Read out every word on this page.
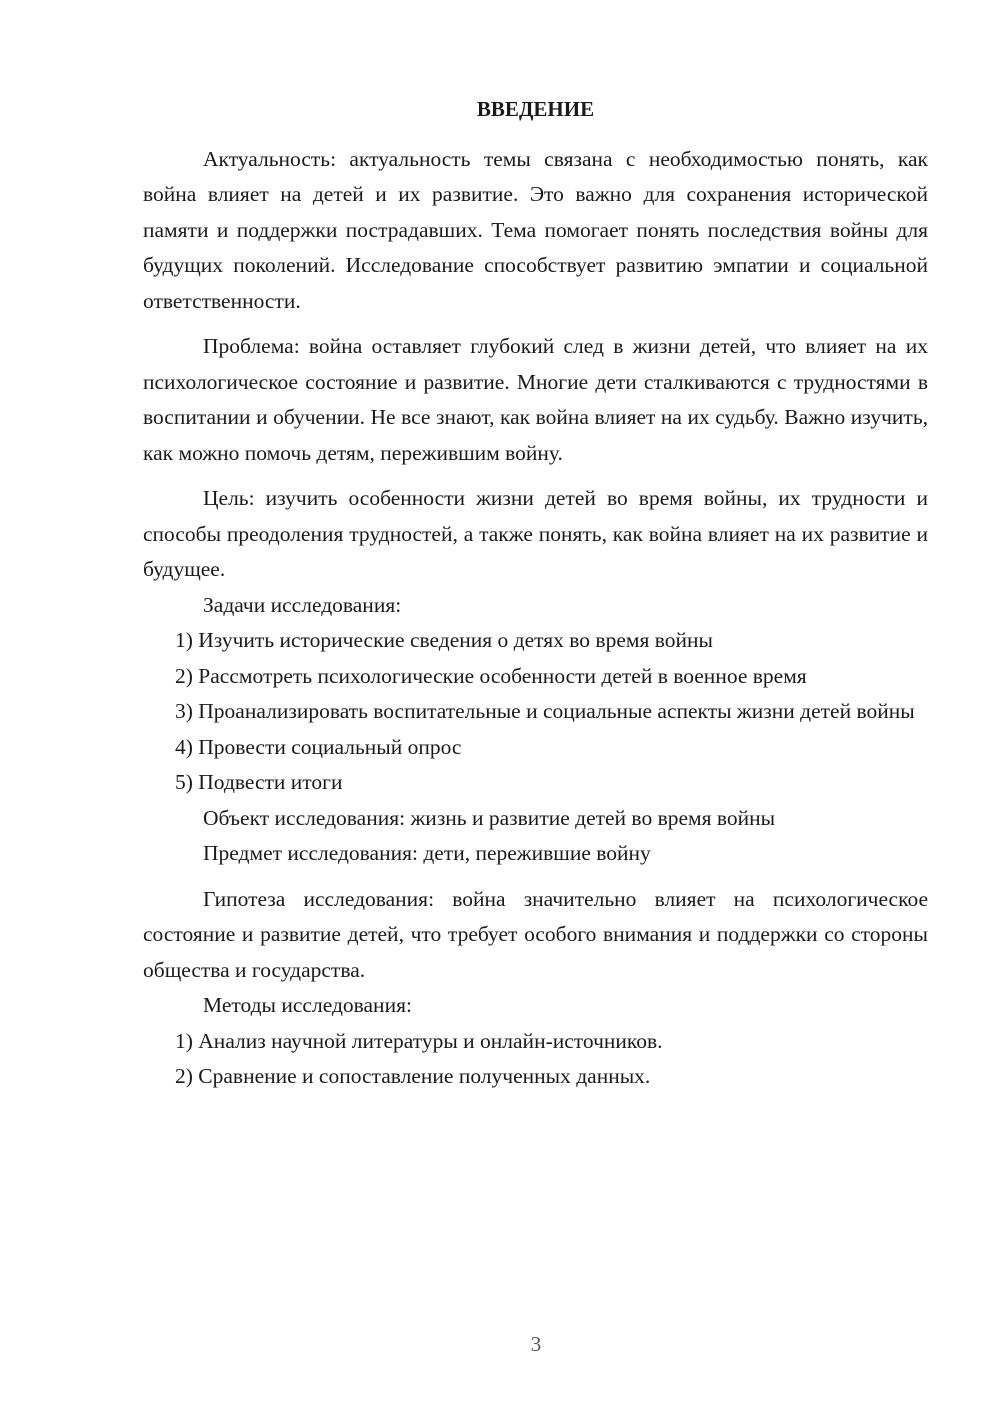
ВВЕДЕНИЕ

Актуальность: актуальность темы связана с необходимостью понять, как война влияет на детей и их развитие. Это важно для сохранения исторической памяти и поддержки пострадавших. Тема помогает понять последствия войны для будущих поколений. Исследование способствует развитию эмпатии и социальной ответственности.

Проблема: война оставляет глубокий след в жизни детей, что влияет на их психологическое состояние и развитие. Многие дети сталкиваются с трудностями в воспитании и обучении. Не все знают, как война влияет на их судьбу. Важно изучить, как можно помочь детям, пережившим войну.

Цель: изучить особенности жизни детей во время войны, их трудности и способы преодоления трудностей, а также понять, как война влияет на их развитие и будущее.

Задачи исследования:

1) Изучить исторические сведения о детях во время войны

2) Рассмотреть психологические особенности детей в военное время

3) Проанализировать воспитательные и социальные аспекты жизни детей войны

4) Провести социальный опрос

5) Подвести итоги

Объект исследования: жизнь и развитие детей во время войны

Предмет исследования: дети, пережившие войну

Гипотеза исследования: война значительно влияет на психологическое состояние и развитие детей, что требует особого внимания и поддержки со стороны общества и государства.

Методы исследования:

1) Анализ научной литературы и онлайн-источников.

2) Сравнение и сопоставление полученных данных.

3
